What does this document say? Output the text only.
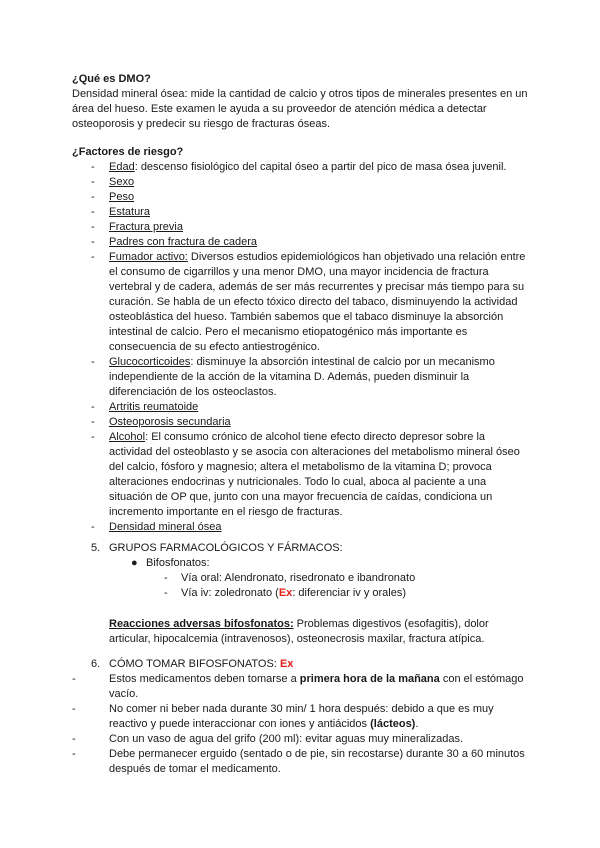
¿Qué es DMO?

Densidad mineral ósea: mide la cantidad de calcio y otros tipos de minerales presentes en un área del hueso. Este examen le ayuda a su proveedor de atención médica a detectar osteoporosis y predecir su riesgo de fracturas óseas.

¿Factores de riesgo?

- Edad: descenso fisiológico del capital óseo a partir del pico de masa ósea juvenil.
- Sexo
- Peso
- Estatura
- Fractura previa
- Padres con fractura de cadera
- Fumador activo: Diversos estudios epidemiológicos han objetivado una relación entre el consumo de cigarrillos y una menor DMO, una mayor incidencia de fractura vertebral y de cadera, además de ser más recurrentes y precisar más tiempo para su curación. Se habla de un efecto tóxico directo del tabaco, disminuyendo la actividad osteoblástica del hueso. También sabemos que el tabaco disminuye la absorción intestinal de calcio. Pero el mecanismo etiopatogénico más importante es consecuencia de su efecto antiestrogénico.
- Glucocorticoides: disminuye la absorción intestinal de calcio por un mecanismo independiente de la acción de la vitamina D. Además, pueden disminuir la diferenciación de los osteoclastos.
- Artritis reumatoide
- Osteoporosis secundaria
- Alcohol: El consumo crónico de alcohol tiene efecto directo depresor sobre la actividad del osteoblasto y se asocia con alteraciones del metabolismo mineral óseo del calcio, fósforo y magnesio; altera el metabolismo de la vitamina D; provoca alteraciones endocrinas y nutricionales. Todo lo cual, aboca al paciente a una situación de OP que, junto con una mayor frecuencia de caídas, condiciona un incremento importante en el riesgo de fracturas.
- Densidad mineral ósea
5. GRUPOS FARMACOLÓGICOS Y FÁRMACOS:
● Bifosfonatos:
- Vía oral: Alendronato, risedronato e ibandronato
- Vía iv: zoledronato (Ex: diferenciar iv y orales)
Reacciones adversas bifosfonatos: Problemas digestivos (esofagitis), dolor articular, hipocalcemia (intravenosos), osteonecrosis maxilar, fractura atípica.
6. CÓMO TOMAR BIFOSFONATOS: Ex
-	Estos medicamentos deben tomarse a primera hora de la mañana con el estómago vacío.
-	No comer ni beber nada durante 30 min/ 1 hora después: debido a que es muy reactivo y puede interaccionar con iones y antiácidos (lácteos).
-	Con un vaso de agua del grifo (200 ml): evitar aguas muy mineralizadas.
-	Debe permanecer erguido (sentado o de pie, sin recostarse) durante 30 a 60 minutos después de tomar el medicamento.
